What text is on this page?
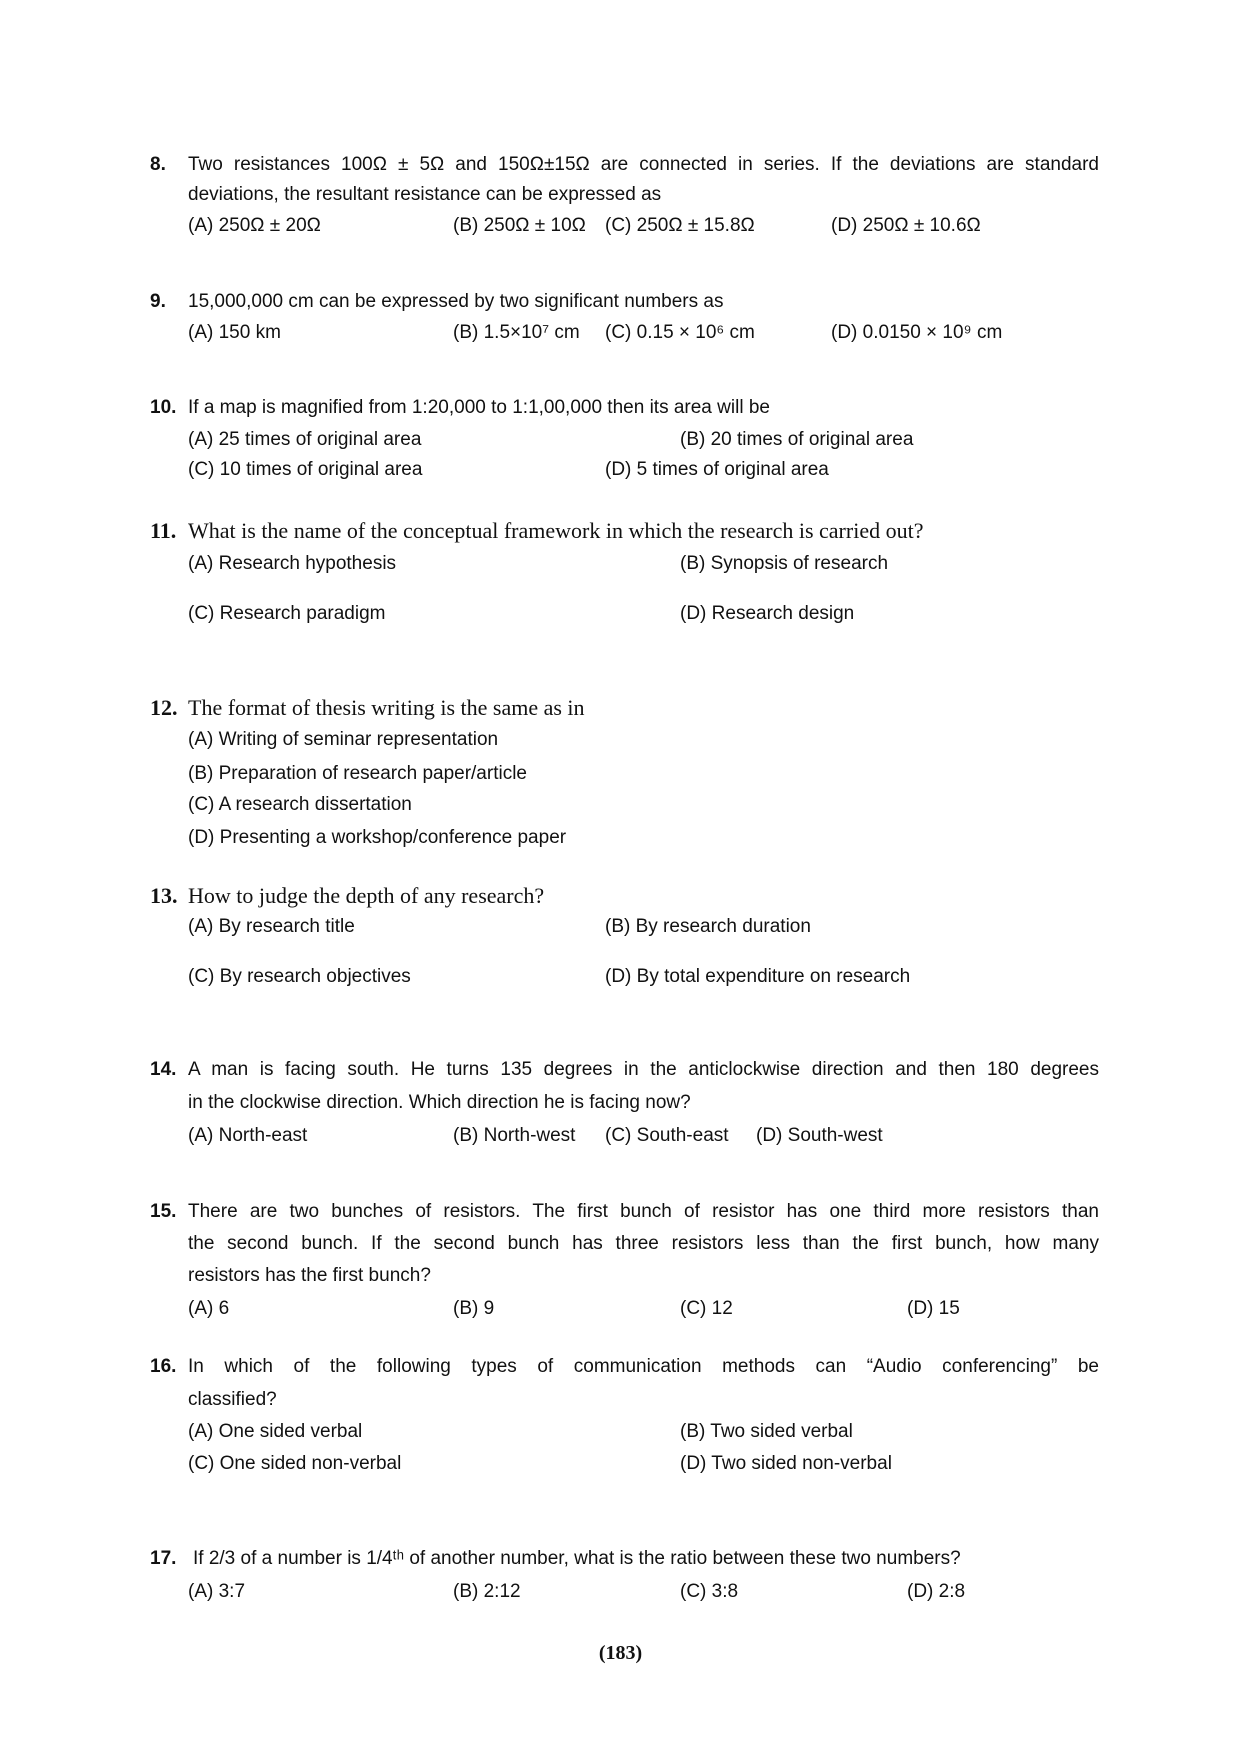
8. Two resistances 100Ω ± 5Ω and 150Ω±15Ω are connected in series. If the deviations are standard
deviations, the resultant resistance can be expressed as
(A) 250Ω ± 20Ω	(B) 250Ω ± 10Ω (C) 250Ω ± 15.8Ω	(D) 250Ω ± 10.6Ω
9. 15,000,000 cm can be expressed by two significant numbers as
(A) 150 km	(B) 1.5×10⁷ cm (C) 0.15 × 10⁶ cm	(D) 0.0150 × 10⁹ cm
10. If a map is magnified from 1:20,000 to 1:1,00,000 then its area will be
(A) 25 times of original area	(B) 20 times of original area
(C) 10 times of original area	(D) 5 times of original area
11. What is the name of the conceptual framework in which the research is carried out?
(A) Research hypothesis	(B) Synopsis of research
(C) Research paradigm	(D) Research design
12. The format of thesis writing is the same as in
(A) Writing of seminar representation
(B) Preparation of research paper/article
(C) A research dissertation
(D) Presenting a workshop/conference paper
13. How to judge the depth of any research?
(A) By research title	(B) By research duration
(C) By research objectives	(D) By total expenditure on research
14. A man is facing south. He turns 135 degrees in the anticlockwise direction and then 180 degrees
in the clockwise direction. Which direction he is facing now?
(A) North-east	(B) North-west (C) South-east (D) South-west
15. There are two bunches of resistors. The first bunch of resistor has one third more resistors than
the second bunch. If the second bunch has three resistors less than the first bunch, how many
resistors has the first bunch?
(A) 6	(B) 9	(C) 12	(D) 15
16. In which of the following types of communication methods can “Audio conferencing” be
classified?
(A) One sided verbal	(B) Two sided verbal
(C) One sided non-verbal	(D) Two sided non-verbal
17. If 2/3 of a number is 1/4ᵗʰ of another number, what is the ratio between these two numbers?
(A) 3:7	(B) 2:12	(C) 3:8	(D) 2:8
(183)
